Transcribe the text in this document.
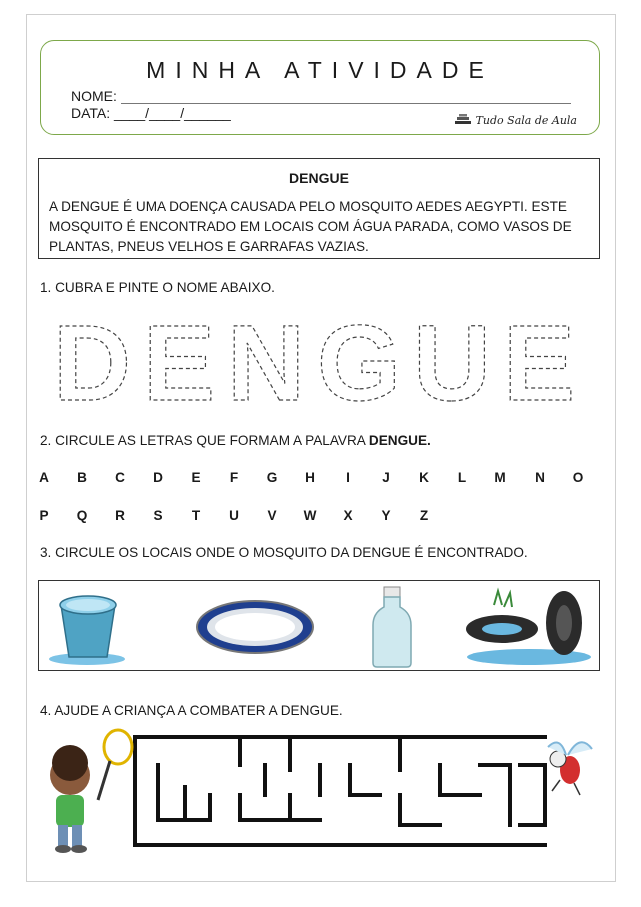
MINHA ATIVIDADE
NOME:
DATA: ____/____/______	Tudo Sala de Aula
DENGUE
A DENGUE É UMA DOENÇA CAUSADA PELO MOSQUITO AEDES AEGYPTI. ESTE MOSQUITO É ENCONTRADO EM LOCAIS COM ÁGUA PARADA, COMO VASOS DE PLANTAS, PNEUS VELHOS E GARRAFAS VAZIAS.
1. CUBRA E PINTE O NOME ABAIXO.
DENGUE
2. CIRCULE AS LETRAS QUE FORMAM A PALAVRA DENGUE.
A	B	C	D	E	F	G	H	I	J	K	L	M	N	O
P	Q	R	S	T	U	V	W	X	Y	Z
3. CIRCULE OS LOCAIS ONDE O MOSQUITO DA DENGUE É ENCONTRADO.
4. AJUDE A CRIANÇA A COMBATER A DENGUE.
